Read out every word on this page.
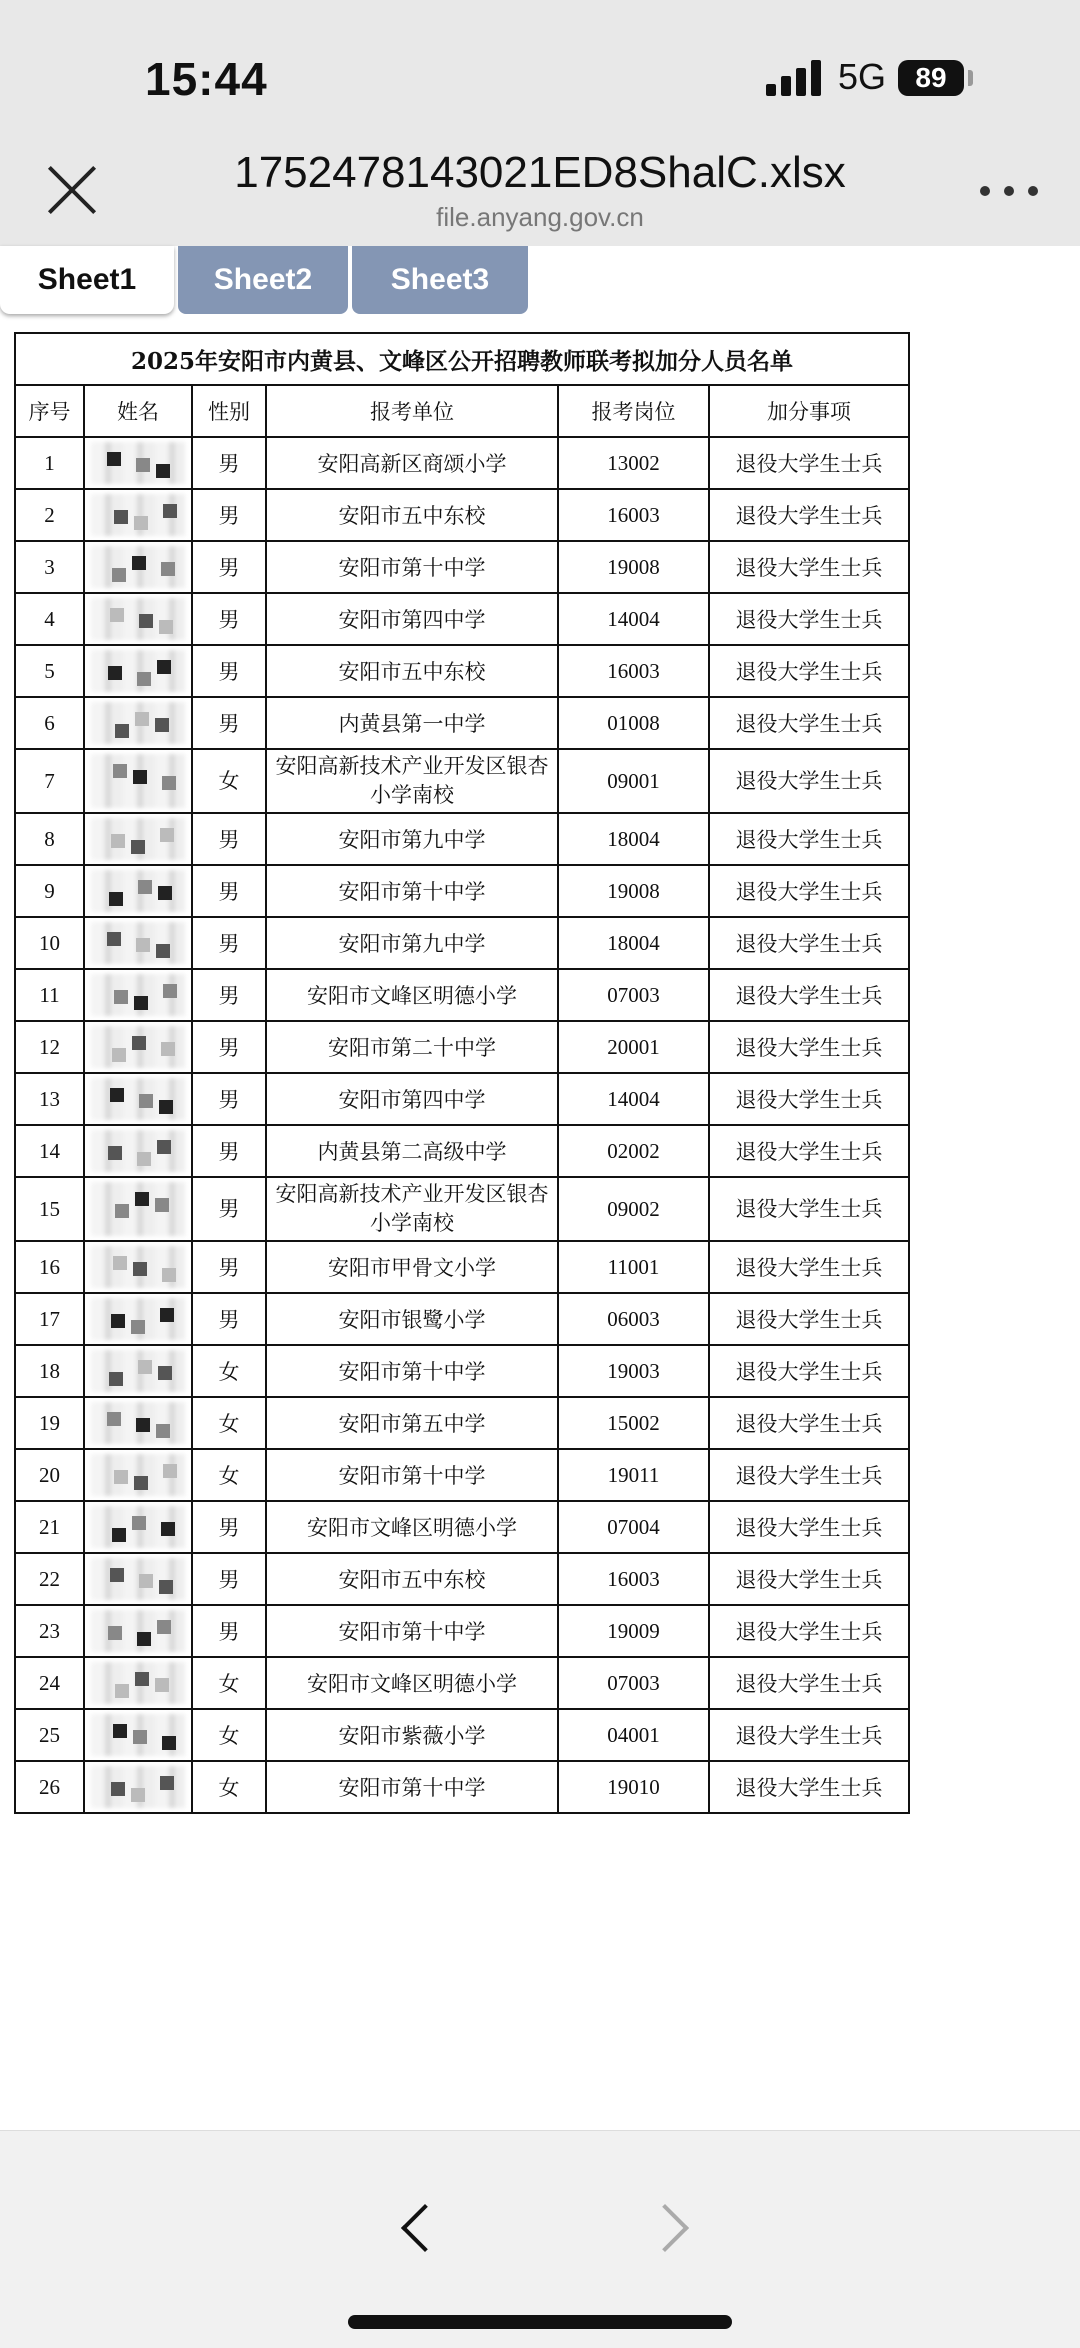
15:44	5G	89
1752478143021ED8ShalC.xlsx
file.anyang.gov.cn
Sheet1	Sheet2	Sheet3
2025年安阳市内黄县、文峰区公开招聘教师联考拟加分人员名单					
序号	姓名	性别	报考单位	报考岗位	加分事项
1		男	安阳高新区商颂小学	13002	退役大学生士兵
2		男	安阳市五中东校	16003	退役大学生士兵
3		男	安阳市第十中学	19008	退役大学生士兵
4		男	安阳市第四中学	14004	退役大学生士兵
5		男	安阳市五中东校	16003	退役大学生士兵
6		男	内黄县第一中学	01008	退役大学生士兵
7		女	安阳高新技术产业开发区银杏小学南校	09001	退役大学生士兵
8		男	安阳市第九中学	18004	退役大学生士兵
9		男	安阳市第十中学	19008	退役大学生士兵
10		男	安阳市第九中学	18004	退役大学生士兵
11		男	安阳市文峰区明德小学	07003	退役大学生士兵
12		男	安阳市第二十中学	20001	退役大学生士兵
13		男	安阳市第四中学	14004	退役大学生士兵
14		男	内黄县第二高级中学	02002	退役大学生士兵
15		男	安阳高新技术产业开发区银杏小学南校	09002	退役大学生士兵
16		男	安阳市甲骨文小学	11001	退役大学生士兵
17		男	安阳市银鹭小学	06003	退役大学生士兵
18		女	安阳市第十中学	19003	退役大学生士兵
19		女	安阳市第五中学	15002	退役大学生士兵
20		女	安阳市第十中学	19011	退役大学生士兵
21		男	安阳市文峰区明德小学	07004	退役大学生士兵
22		男	安阳市五中东校	16003	退役大学生士兵
23		男	安阳市第十中学	19009	退役大学生士兵
24		女	安阳市文峰区明德小学	07003	退役大学生士兵
25		女	安阳市紫薇小学	04001	退役大学生士兵
26		女	安阳市第十中学	19010	退役大学生士兵
